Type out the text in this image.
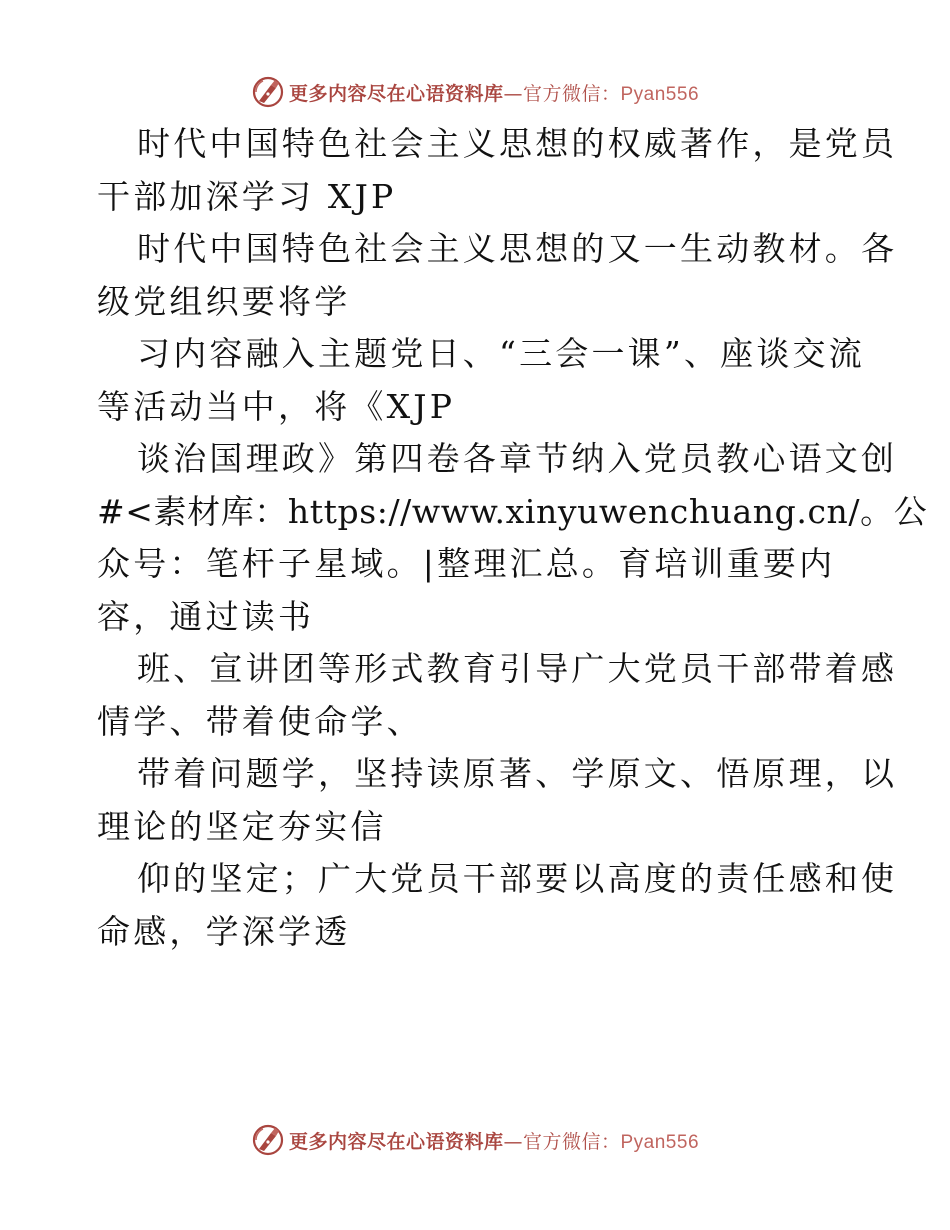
更多内容尽在心语资料库—官方微信：Pyan556
时代中国特色社会主义思想的权威著作，是党员
干部加深学习 XJP
时代中国特色社会主义思想的又一生动教材。各
级党组织要将学
习内容融入主题党日、“三会一课”、座谈交流
等活动当中，将《XJP
谈治国理政》第四卷各章节纳入党员教心语文创
#<素材库：https://www.xinyuwenchuang.cn/。公
众号：笔杆子星域。|整理汇总。育培训重要内
容，通过读书
班、宣讲团等形式教育引导广大党员干部带着感
情学、带着使命学、
带着问题学，坚持读原著、学原文、悟原理，以
理论的坚定夯实信
仰的坚定；广大党员干部要以高度的责任感和使
命感，学深学透
更多内容尽在心语资料库—官方微信：Pyan556
